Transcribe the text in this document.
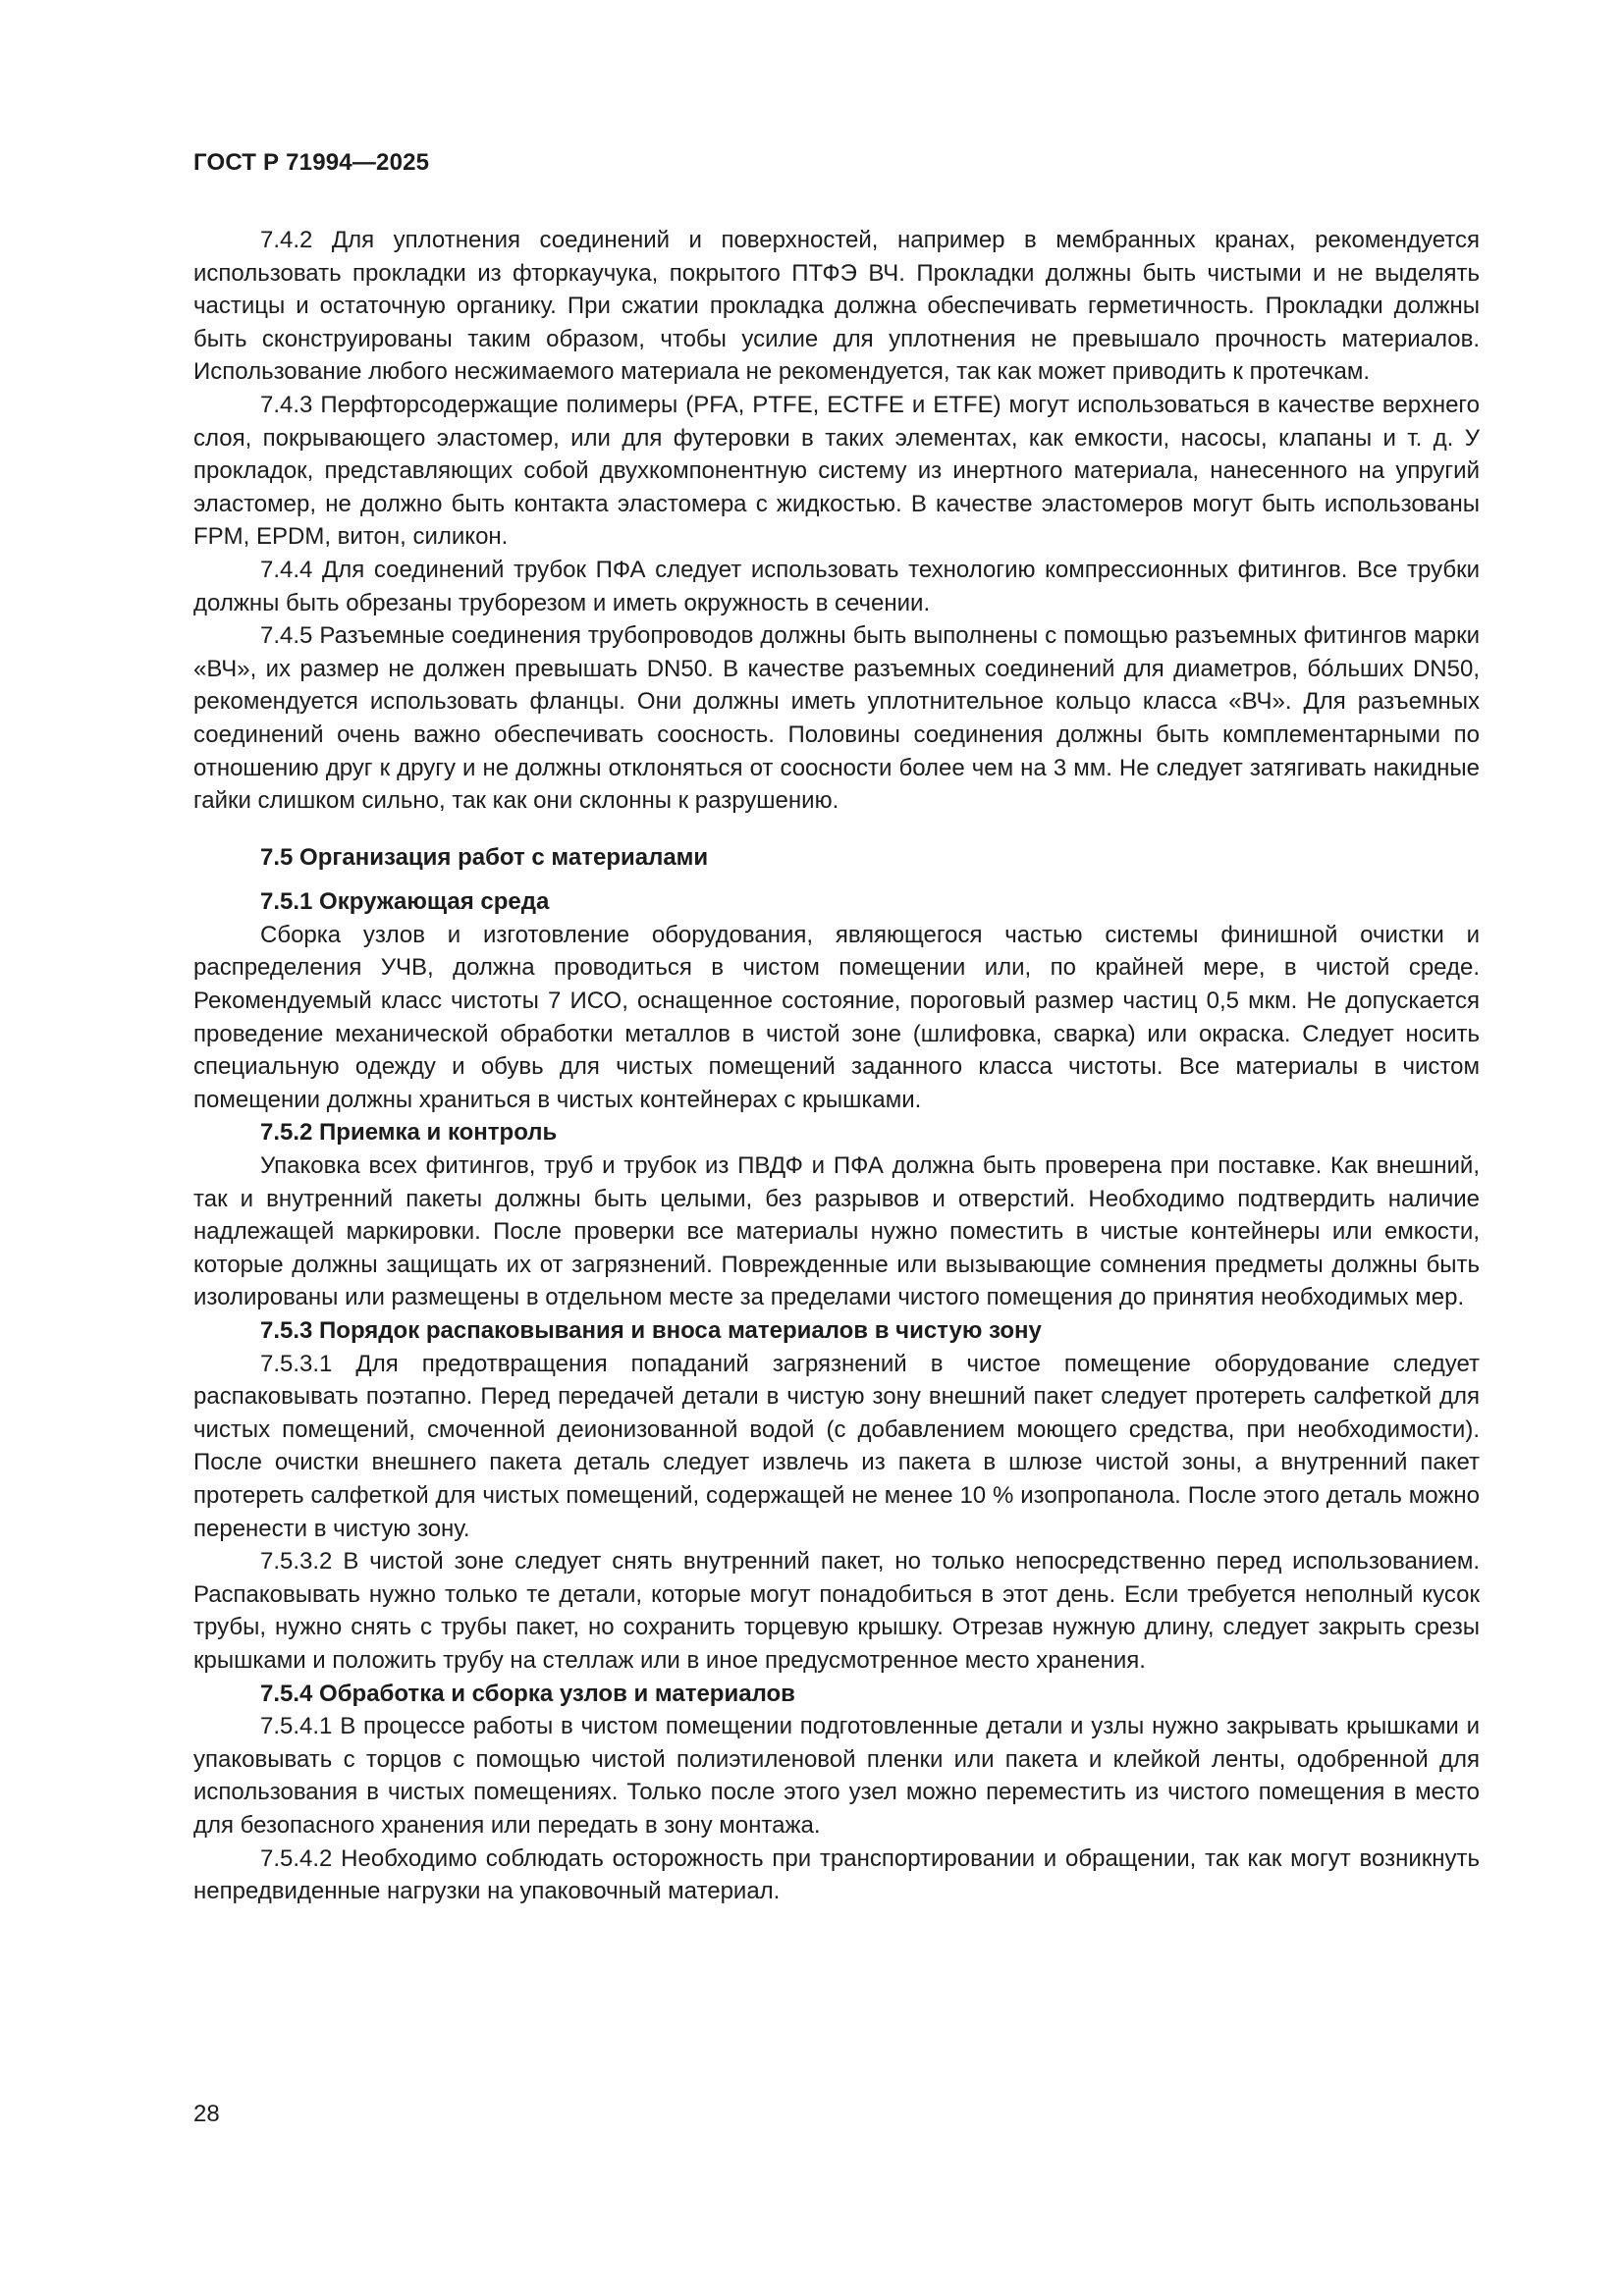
ГОСТ Р 71994—2025

7.4.2 Для уплотнения соединений и поверхностей, например в мембранных кранах, рекомендуется использовать прокладки из фторкаучука, покрытого ПТФЭ ВЧ. Прокладки должны быть чистыми и не выделять частицы и остаточную органику. При сжатии прокладка должна обеспечивать герметичность. Прокладки должны быть сконструированы таким образом, чтобы усилие для уплотнения не превышало прочность материалов. Использование любого несжимаемого материала не рекомендуется, так как может приводить к протечкам.

7.4.3 Перфторсодержащие полимеры (PFA, PTFE, ECTFE и ETFE) могут использоваться в качестве верхнего слоя, покрывающего эластомер, или для футеровки в таких элементах, как емкости, насосы, клапаны и т. д. У прокладок, представляющих собой двухкомпонентную систему из инертного материала, нанесенного на упругий эластомер, не должно быть контакта эластомера с жидкостью. В качестве эластомеров могут быть использованы FPM, EPDM, витон, силикон.

7.4.4 Для соединений трубок ПФА следует использовать технологию компрессионных фитингов. Все трубки должны быть обрезаны труборезом и иметь окружность в сечении.

7.4.5 Разъемные соединения трубопроводов должны быть выполнены с помощью разъемных фитингов марки «ВЧ», их размер не должен превышать DN50. В качестве разъемных соединений для диаметров, бóльших DN50, рекомендуется использовать фланцы. Они должны иметь уплотнительное кольцо класса «ВЧ». Для разъемных соединений очень важно обеспечивать соосность. Половины соединения должны быть комплементарными по отношению друг к другу и не должны отклоняться от соосности более чем на 3 мм. Не следует затягивать накидные гайки слишком сильно, так как они склонны к разрушению.

7.5 Организация работ с материалами
7.5.1 Окружающая среда

Сборка узлов и изготовление оборудования, являющегося частью системы финишной очистки и распределения УЧВ, должна проводиться в чистом помещении или, по крайней мере, в чистой среде. Рекомендуемый класс чистоты 7 ИСО, оснащенное состояние, пороговый размер частиц 0,5 мкм. Не допускается проведение механической обработки металлов в чистой зоне (шлифовка, сварка) или окраска. Следует носить специальную одежду и обувь для чистых помещений заданного класса чистоты. Все материалы в чистом помещении должны храниться в чистых контейнерах с крышками.

7.5.2 Приемка и контроль

Упаковка всех фитингов, труб и трубок из ПВДФ и ПФА должна быть проверена при поставке. Как внешний, так и внутренний пакеты должны быть целыми, без разрывов и отверстий. Необходимо подтвердить наличие надлежащей маркировки. После проверки все материалы нужно поместить в чистые контейнеры или емкости, которые должны защищать их от загрязнений. Поврежденные или вызывающие сомнения предметы должны быть изолированы или размещены в отдельном месте за пределами чистого помещения до принятия необходимых мер.

7.5.3 Порядок распаковывания и вноса материалов в чистую зону

7.5.3.1 Для предотвращения попаданий загрязнений в чистое помещение оборудование следует распаковывать поэтапно. Перед передачей детали в чистую зону внешний пакет следует протереть салфеткой для чистых помещений, смоченной деионизованной водой (с добавлением моющего средства, при необходимости). После очистки внешнего пакета деталь следует извлечь из пакета в шлюзе чистой зоны, а внутренний пакет протереть салфеткой для чистых помещений, содержащей не менее 10 % изопропанола. После этого деталь можно перенести в чистую зону.

7.5.3.2 В чистой зоне следует снять внутренний пакет, но только непосредственно перед использованием. Распаковывать нужно только те детали, которые могут понадобиться в этот день. Если требуется неполный кусок трубы, нужно снять с трубы пакет, но сохранить торцевую крышку. Отрезав нужную длину, следует закрыть срезы крышками и положить трубу на стеллаж или в иное предусмотренное место хранения.

7.5.4 Обработка и сборка узлов и материалов

7.5.4.1 В процессе работы в чистом помещении подготовленные детали и узлы нужно закрывать крышками и упаковывать с торцов с помощью чистой полиэтиленовой пленки или пакета и клейкой ленты, одобренной для использования в чистых помещениях. Только после этого узел можно переместить из чистого помещения в место для безопасного хранения или передать в зону монтажа.

7.5.4.2 Необходимо соблюдать осторожность при транспортировании и обращении, так как могут возникнуть непредвиденные нагрузки на упаковочный материал.

28
